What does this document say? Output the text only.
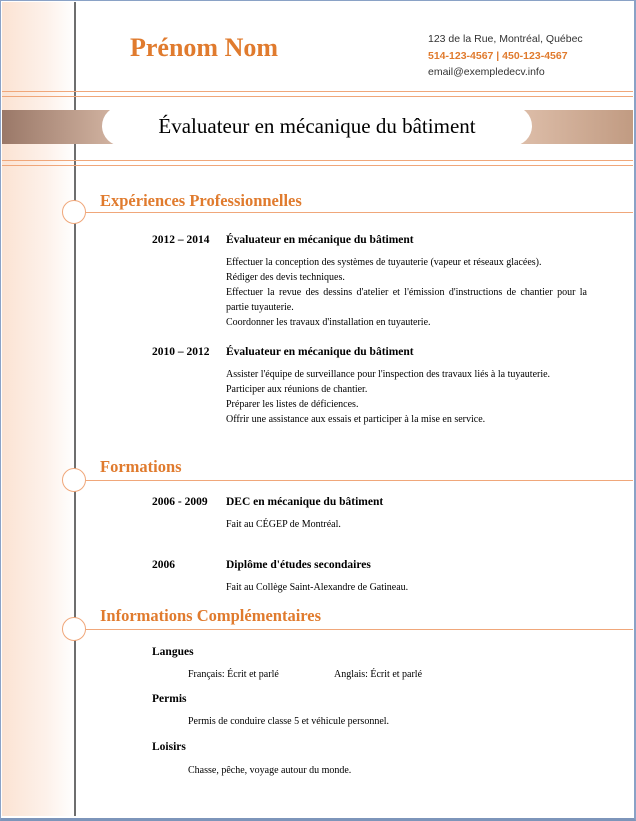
Prénom Nom	123 de la Rue, Montréal, Québec
514-123-4567 | 450-123-4567
email@exempledecv.info
Évaluateur en mécanique du bâtiment
Expériences Professionnelles
2012 – 2014 Évaluateur en mécanique du bâtiment
Effectuer la conception des systèmes de tuyauterie (vapeur et réseaux glacées).
Rédiger des devis techniques.
Effectuer la revue des dessins d'atelier et l'émission d'instructions de chantier pour la partie tuyauterie.
Coordonner les travaux d'installation en tuyauterie.
2010 – 2012 Évaluateur en mécanique du bâtiment
Assister l'équipe de surveillance pour l'inspection des travaux liés à la tuyauterie.
Participer aux réunions de chantier.
Préparer les listes de déficiences.
Offrir une assistance aux essais et participer à la mise en service.
Formations
2006 - 2009 DEC en mécanique du bâtiment
Fait au CÉGEP de Montréal.
2006	Diplôme d'études secondaires
Fait au Collège Saint-Alexandre de Gatineau.
Informations Complémentaires
Langues
Français: Écrit et parlé	Anglais: Écrit et parlé
Permis
Permis de conduire classe 5 et véhicule personnel.
Loisirs
Chasse, pêche, voyage autour du monde.
